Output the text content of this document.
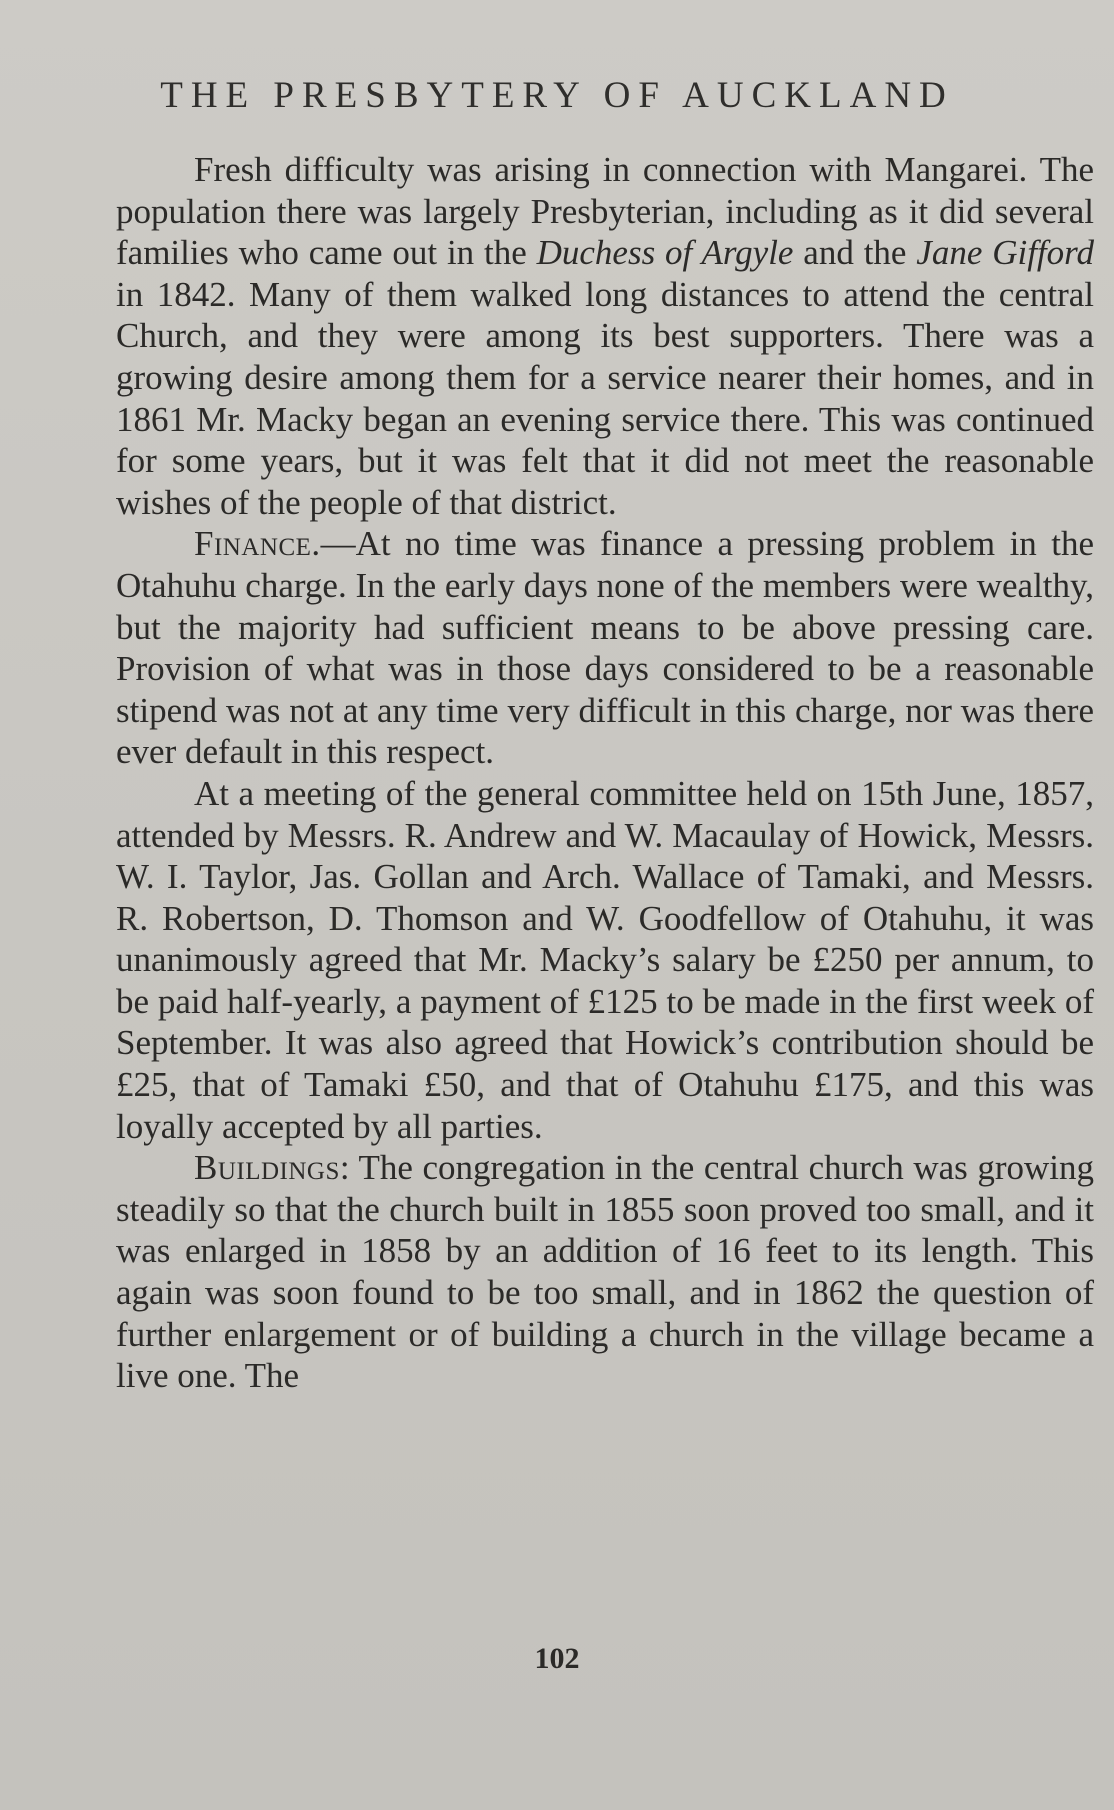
THE PRESBYTERY OF AUCKLAND

Fresh difficulty was arising in connection with Mangarei. The population there was largely Presbyterian, including as it did several families who came out in the Duchess of Argyle and the Jane Gifford in 1842. Many of them walked long distances to attend the central Church, and they were among its best supporters. There was a growing desire among them for a service nearer their homes, and in 1861 Mr. Macky began an evening service there. This was continued for some years, but it was felt that it did not meet the reasonable wishes of the people of that district.

Finance.—At no time was finance a pressing problem in the Otahuhu charge. In the early days none of the members were wealthy, but the majority had sufficient means to be above pressing care. Provision of what was in those days considered to be a reasonable stipend was not at any time very difficult in this charge, nor was there ever default in this respect.

At a meeting of the general committee held on 15th June, 1857, attended by Messrs. R. Andrew and W. Macaulay of Howick, Messrs. W. I. Taylor, Jas. Gollan and Arch. Wallace of Tamaki, and Messrs. R. Robertson, D. Thomson and W. Goodfellow of Otahuhu, it was unanimously agreed that Mr. Macky’s salary be £250 per annum, to be paid half-yearly, a payment of £125 to be made in the first week of September. It was also agreed that Howick’s contribution should be £25, that of Tamaki £50, and that of Otahuhu £175, and this was loyally accepted by all parties.

Buildings: The congregation in the central church was growing steadily so that the church built in 1855 soon proved too small, and it was enlarged in 1858 by an addition of 16 feet to its length. This again was soon found to be too small, and in 1862 the question of further enlargement or of building a church in the village became a live one. The

102
